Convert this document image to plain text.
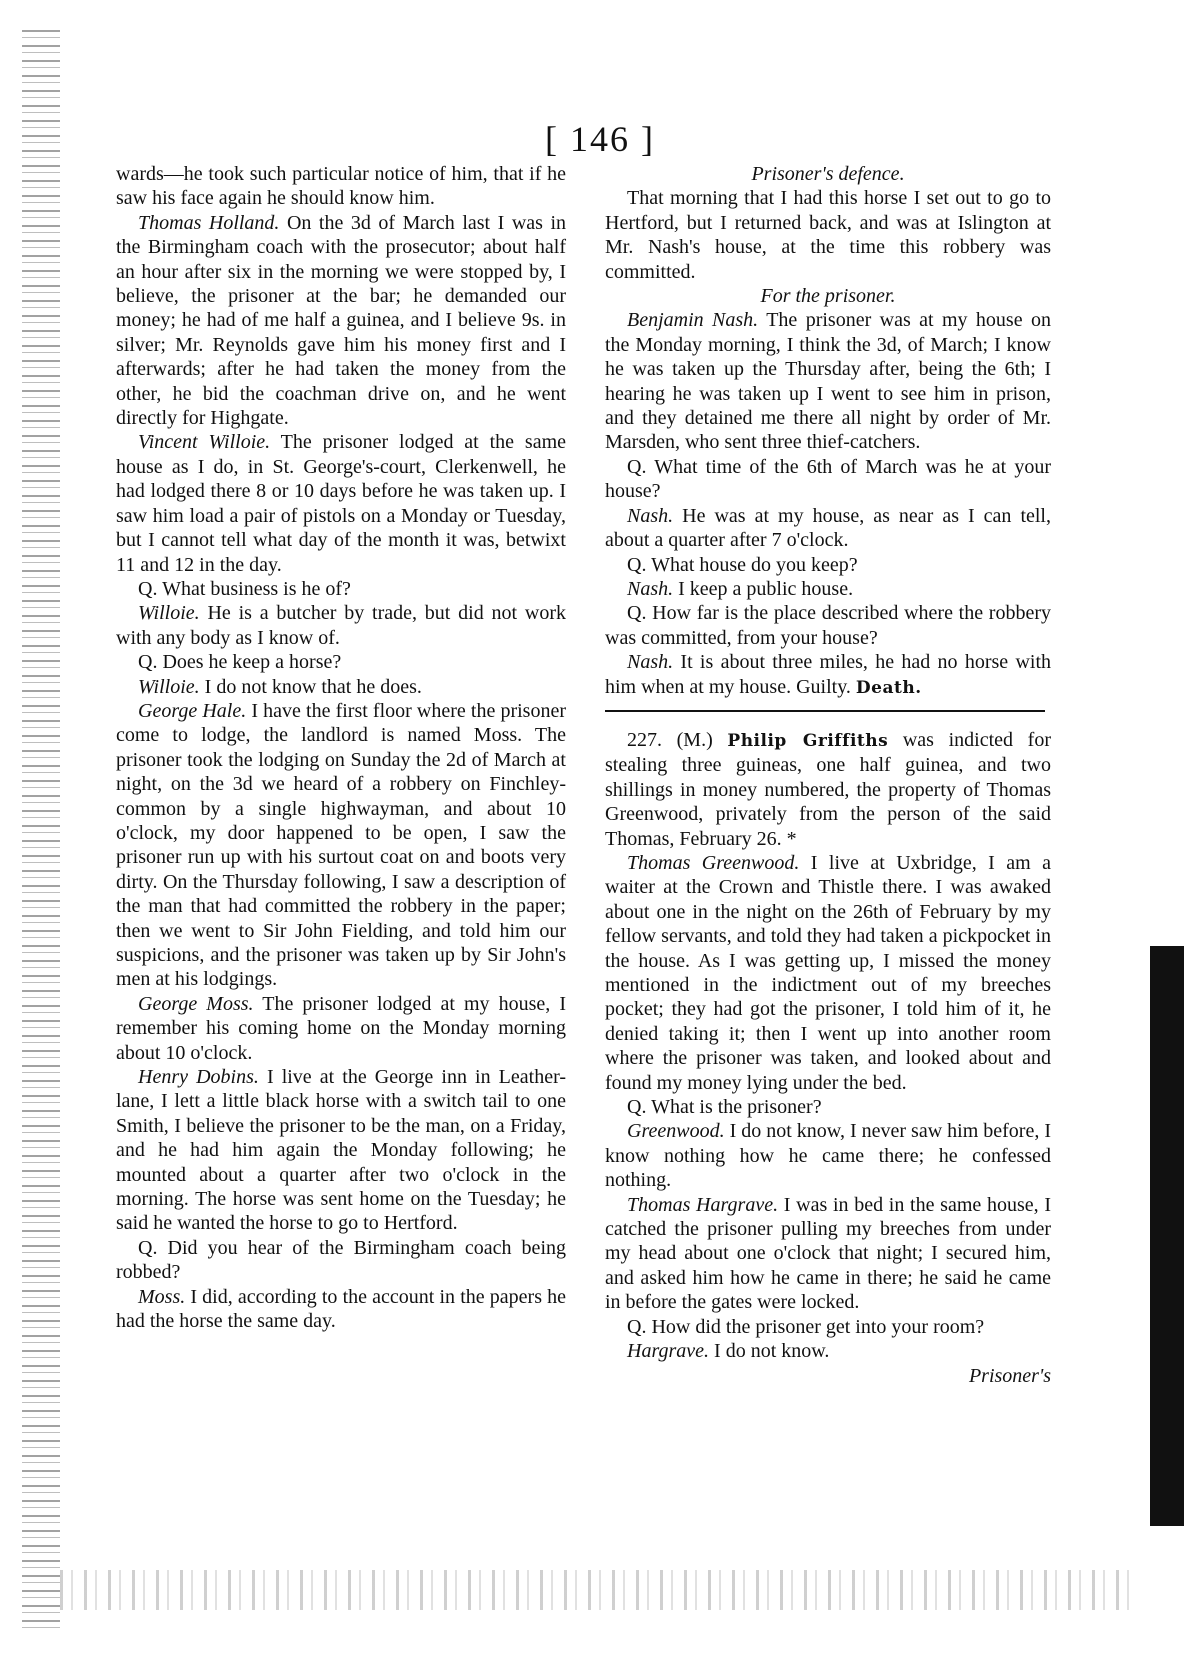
[ 146 ]

wards—he took such particular notice of him, that if he saw his face again he should know him.

Thomas Holland. On the 3d of March last I was in the Birmingham coach with the prosecutor; about half an hour after six in the morning we were stopped by, I believe, the prisoner at the bar; he demanded our money; he had of me half a guinea, and I believe 9s. in silver; Mr. Reynolds gave him his money first and I afterwards; after he had taken the money from the other, he bid the coachman drive on, and he went directly for Highgate.

Vincent Willoie. The prisoner lodged at the same house as I do, in St. George's-court, Clerkenwell, he had lodged there 8 or 10 days before he was taken up. I saw him load a pair of pistols on a Monday or Tuesday, but I cannot tell what day of the month it was, betwixt 11 and 12 in the day.

Q. What business is he of?

Willoie. He is a butcher by trade, but did not work with any body as I know of.

Q. Does he keep a horse?

Willoie. I do not know that he does.

George Hale. I have the first floor where the prisoner come to lodge, the landlord is named Moss. The prisoner took the lodging on Sunday the 2d of March at night, on the 3d we heard of a robbery on Finchley-common by a single highwayman, and about 10 o'clock, my door happened to be open, I saw the prisoner run up with his surtout coat on and boots very dirty. On the Thursday following, I saw a description of the man that had committed the robbery in the paper; then we went to Sir John Fielding, and told him our suspicions, and the prisoner was taken up by Sir John's men at his lodgings.

George Moss. The prisoner lodged at my house, I remember his coming home on the Monday morning about 10 o'clock.

Henry Dobins. I live at the George inn in Leather-lane, I lett a little black horse with a switch tail to one Smith, I believe the prisoner to be the man, on a Friday, and he had him again the Monday following; he mounted about a quarter after two o'clock in the morning. The horse was sent home on the Tuesday; he said he wanted the horse to go to Hertford.

Q. Did you hear of the Birmingham coach being robbed?

Moss. I did, according to the account in the papers he had the horse the same day.

Prisoner's defence.

That morning that I had this horse I set out to go to Hertford, but I returned back, and was at Islington at Mr. Nash's house, at the time this robbery was committed.

For the prisoner.

Benjamin Nash. The prisoner was at my house on the Monday morning, I think the 3d, of March; I know he was taken up the Thursday after, being the 6th; I hearing he was taken up I went to see him in prison, and they detained me there all night by order of Mr. Marsden, who sent three thief-catchers.

Q. What time of the 6th of March was he at your house?

Nash. He was at my house, as near as I can tell, about a quarter after 7 o'clock.

Q. What house do you keep?

Nash. I keep a public house.

Q. How far is the place described where the robbery was committed, from your house?

Nash. It is about three miles, he had no horse with him when at my house. Guilty. Death.

227. (M.) Philip Griffiths was indicted for stealing three guineas, one half guinea, and two shillings in money numbered, the property of Thomas Greenwood, privately from the person of the said Thomas, February 26. *

Thomas Greenwood. I live at Uxbridge, I am a waiter at the Crown and Thistle there. I was awaked about one in the night on the 26th of February by my fellow servants, and told they had taken a pickpocket in the house. As I was getting up, I missed the money mentioned in the indictment out of my breeches pocket; they had got the prisoner, I told him of it, he denied taking it; then I went up into another room where the prisoner was taken, and looked about and found my money lying under the bed.

Q. What is the prisoner?

Greenwood. I do not know, I never saw him before, I know nothing how he came there; he confessed nothing.

Thomas Hargrave. I was in bed in the same house, I catched the prisoner pulling my breeches from under my head about one o'clock that night; I secured him, and asked him how he came in there; he said he came in before the gates were locked.

Q. How did the prisoner get into your room?

Hargrave. I do not know.

Prisoner's
